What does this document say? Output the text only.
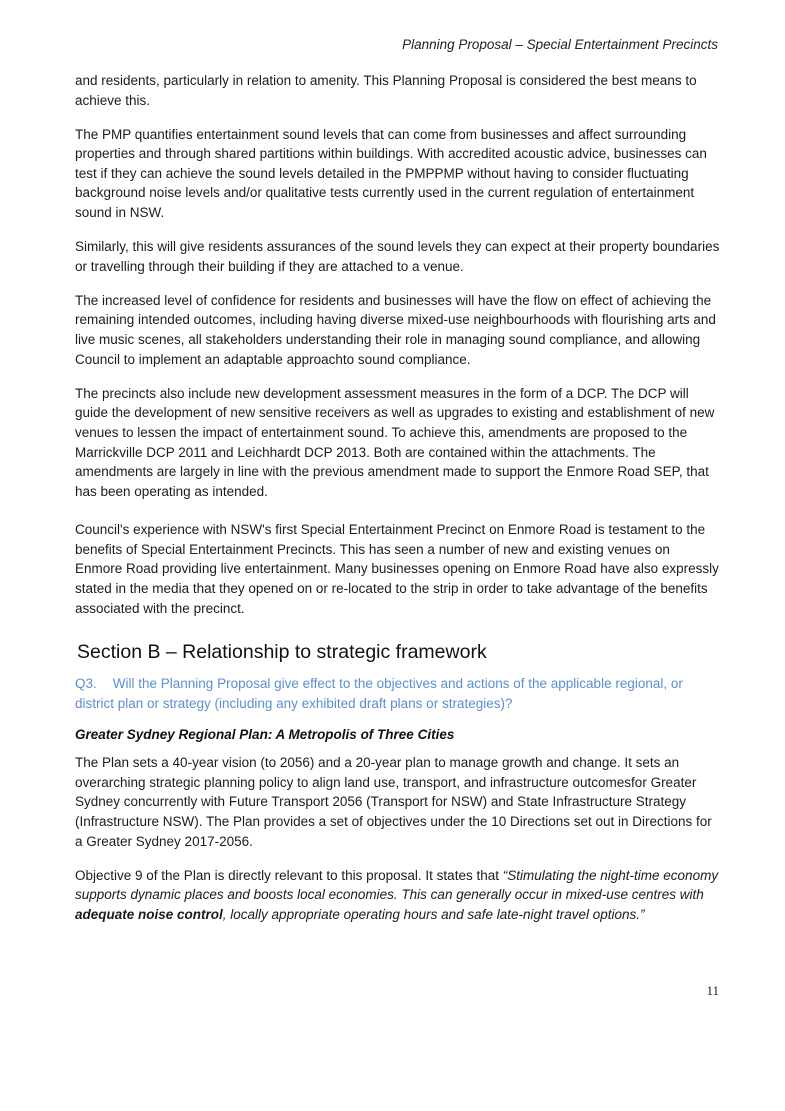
Planning Proposal – Special Entertainment Precincts

and residents, particularly in relation to amenity. This Planning Proposal is considered the best means to achieve this.

The PMP quantifies entertainment sound levels that can come from businesses and affect surrounding properties and through shared partitions within buildings. With accredited acoustic advice, businesses can test if they can achieve the sound levels detailed in the PMPPMP without having to consider fluctuating background noise levels and/or qualitative tests currently used in the current regulation of entertainment sound in NSW.

Similarly, this will give residents assurances of the sound levels they can expect at their property boundaries or travelling through their building if they are attached to a venue.

The increased level of confidence for residents and businesses will have the flow on effect of achieving the remaining intended outcomes, including having diverse mixed-use neighbourhoods with flourishing arts and live music scenes, all stakeholders understanding their role in managing sound compliance, and allowing Council to implement an adaptable approachto sound compliance.

The precincts also include new development assessment measures in the form of a DCP. The DCP will guide the development of new sensitive receivers as well as upgrades to existing and establishment of new venues to lessen the impact of entertainment sound. To achieve this, amendments are proposed to the Marrickville DCP 2011 and Leichhardt DCP 2013. Both are contained within the attachments. The amendments are largely in line with the previous amendment made to support the Enmore Road SEP, that has been operating as intended.

Council's experience with NSW's first Special Entertainment Precinct on Enmore Road is testament to the benefits of Special Entertainment Precincts. This has seen a number of new and existing venues on Enmore Road providing live entertainment. Many businesses opening on Enmore Road have also expressly stated in the media that they opened on or re-located to the strip in order to take advantage of the benefits associated with the precinct.

Section B – Relationship to strategic framework
Q3. Will the Planning Proposal give effect to the objectives and actions of the applicable regional, or district plan or strategy (including any exhibited draft plans or strategies)?
Greater Sydney Regional Plan: A Metropolis of Three Cities

The Plan sets a 40-year vision (to 2056) and a 20-year plan to manage growth and change. It sets an overarching strategic planning policy to align land use, transport, and infrastructure outcomesfor Greater Sydney concurrently with Future Transport 2056 (Transport for NSW) and State Infrastructure Strategy (Infrastructure NSW). The Plan provides a set of objectives under the 10 Directions set out in Directions for a Greater Sydney 2017-2056.

Objective 9 of the Plan is directly relevant to this proposal. It states that “Stimulating the night-time economy supports dynamic places and boosts local economies. This can generally occur in mixed-use centres with adequate noise control, locally appropriate operating hours and safe late-night travel options.”

11
